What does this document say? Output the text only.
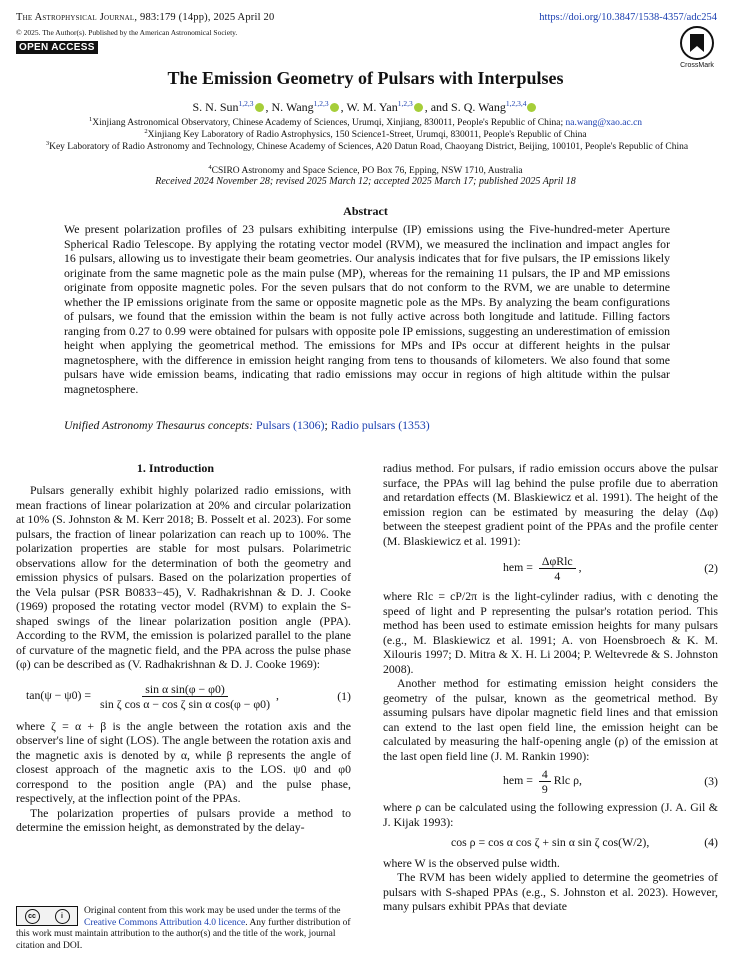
The Astrophysical Journal, 983:179 (14pp), 2025 April 20	https://doi.org/10.3847/1538-4357/adc254
© 2025. The Author(s). Published by the American Astronomical Society.
OPEN ACCESS
CrossMark
The Emission Geometry of Pulsars with Interpulses
S. N. Sun$^{1,2,3}$ , N. Wang$^{1,2,3}$ , W. M. Yan$^{1,2,3}$ , and S. Q. Wang$^{1,2,3,4}$
$^1$Xinjiang Astronomical Observatory, Chinese Academy of Sciences, Urumqi, Xinjiang, 830011, People's Republic of China; na.wang@xao.ac.cn
$^2$Xinjiang Key Laboratory of Radio Astrophysics, 150 Science1-Street, Urumqi, 830011, People's Republic of China
$^3$Key Laboratory of Radio Astronomy and Technology, Chinese Academy of Sciences, A20 Datun Road, Chaoyang District, Beijing, 100101, People's Republic of China
$^4$CSIRO Astronomy and Space Science, PO Box 76, Epping, NSW 1710, Australia
Received 2024 November 28; revised 2025 March 12; accepted 2025 March 17; published 2025 April 18
Abstract
We present polarization profiles of 23 pulsars exhibiting interpulse (IP) emissions using the Five-hundred-meter Aperture Spherical Radio Telescope. By applying the rotating vector model (RVM), we measured the inclination and impact angles for 16 pulsars, allowing us to investigate their beam geometries. Our analysis indicates that for five pulsars, the IP emissions likely originate from the same magnetic pole as the main pulse (MP), whereas for the remaining 11 pulsars, the IP and MP emissions originate from opposite magnetic poles. For the seven pulsars that do not conform to the RVM, we are unable to determine whether the IP emissions originate from the same or opposite magnetic pole as the MPs. By analyzing the beam configurations of pulsars, we found that the emission within the beam is not fully active across both longitude and latitude. Filling factors ranging from 0.27 to 0.99 were obtained for pulsars with opposite pole IP emissions, suggesting an underestimation of emission height when applying the geometrical method. The emissions for MPs and IPs occur at different heights in the pulsar magnetosphere, with the difference in emission height ranging from tens to thousands of kilometers. We also found that some pulsars have wide emission beams, indicating that radio emissions may occur in regions of high altitude within the pulsar magnetosphere.
Unified Astronomy Thesaurus concepts: Pulsars (1306); Radio pulsars (1353)
1. Introduction

Pulsars generally exhibit highly polarized radio emissions, with mean fractions of linear polarization at 20% and circular polarization at 10% (S. Johnston & M. Kerr 2018; B. Posselt et al. 2023). For some pulsars, the fraction of linear polarization can reach up to 100%. The polarization properties are stable for most pulsars. Polarimetric observations allow for the determination of both the geometry and emission physics of pulsars. Based on the polarization properties of the Vela pulsar (PSR B0833−45), V. Radhakrishnan & D. J. Cooke (1969) proposed the rotating vector model (RVM) to explain the S-shaped swings of the linear polarization position angle (PPA). According to the RVM, the emission is polarized parallel to the plane of curvature of the magnetic field, and the PPA across the pulse phase (φ) can be described as (V. Radhakrishnan & D. J. Cooke 1969):

$\tan(\psi - \psi 0) = \frac{\text{sin α sin(φ − φ0)}}{\text{sin ζ cos α − cos ζ sin α cos(φ − φ0)}}$ ,	(1)

where ζ = α + β is the angle between the rotation axis and the observer's line of sight (LOS). The angle between the rotation axis and the magnetic axis is denoted by α, while β represents the angle of closest approach of the magnetic axis to the LOS. ψ0 and φ0 correspond to the position angle (PA) and the pulse phase, respectively, at the inflection point of the PPAs.

The polarization properties of pulsars provide a method to determine the emission height, as demonstrated by the delay-

radius method. For pulsars, if radio emission occurs above the pulsar surface, the PPAs will lag behind the pulse profile due to aberration and retardation effects (M. Blaskiewicz et al. 1991). The height of the emission region can be estimated by measuring the delay (Δφ) between the steepest gradient point of the PPAs and the profile center (M. Blaskiewicz et al. 1991):

hem = $\frac{\text{ΔφRlc}}{4}$ ,	(2)

where Rlc = cP/2π is the light-cylinder radius, with c denoting the speed of light and P representing the pulsar's rotation period. This method has been used to estimate emission heights for many pulsars (e.g., M. Blaskiewicz et al. 1991; A. von Hoensbroech & K. M. Xilouris 1997; D. Mitra & X. H. Li 2004; P. Weltevrede & S. Johnston 2008).

Another method for estimating emission height considers the geometry of the pulsar, known as the geometrical method. By assuming pulsars have dipolar magnetic field lines and that emission can extend to the last open field line, the emission height can be calculated by measuring the half-opening angle (ρ) of the emission at the last open field line (J. M. Rankin 1990):

hem = $\frac{4}{9}$ Rlc ρ,	(3)

where ρ can be calculated using the following expression (J. A. Gil & J. Kijak 1993):

cos ρ = cos α cos ζ + sin α sin ζ cos(W/2),	(4)

where W is the observed pulse width.

The RVM has been widely applied to determine the geometries of pulsars with S-shaped PPAs (e.g., S. Johnston et al. 2023). However, many pulsars exhibit PPAs that deviate

cc	i	Original content from this work may be used under the terms of the Creative Commons Attribution 4.0 licence. Any further distribution of this work must maintain attribution to the author(s) and the title of the work, journal citation and DOI.
